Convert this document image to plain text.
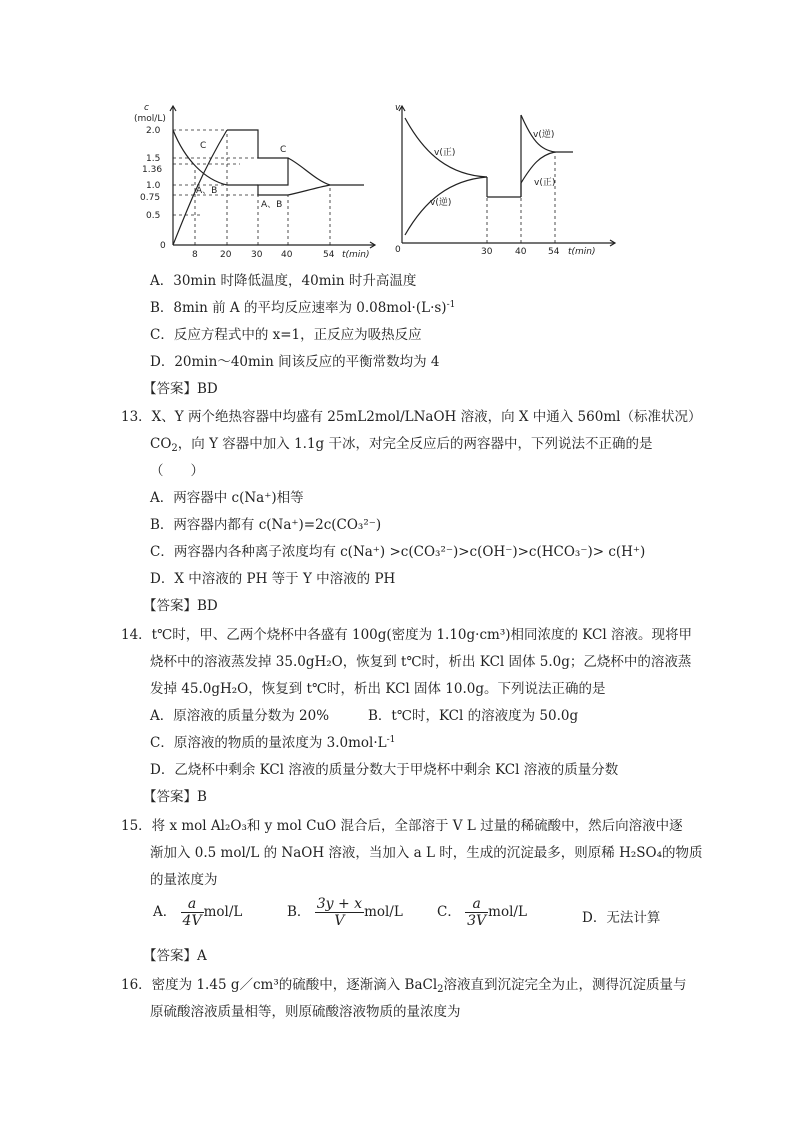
c
(mol/L)
2.0
1.5
1.36
1.0
0.75
0.5
0
8 20 30 40	54 t(min)
C
A、B
C
A、B
v
0	30	40 54 t(min)
v(正)
v(逆)
v(逆)
v(正)
A．30min 时降低温度，40min 时升高温度
B．8min 前 A 的平均反应速率为 $0.08mol\cdot(L\cdot s)^{-1}$
C．反应方程式中的 x=1，正反应为吸热反应
D．20min～40min 间该反应的平衡常数均为 4
【答案】BD
13．X、Y 两个绝热容器中均盛有 25mL2mol/LNaOH 溶液，向 X 中通入 560ml（标准状况）
$CO_2$，向 Y 容器中加入 1.1g 干冰，对完全反应后的两容器中，下列说法不正确的是
（　　）
A．两容器中 c(Na⁺)相等
B．两容器内都有 c(Na⁺)=2c(CO₃²⁻)
C．两容器内各种离子浓度均有 c(Na⁺) >c(CO₃²⁻)>c(OH⁻)>c(HCO₃⁻)> c(H⁺)
D．X 中溶液的 PH 等于 Y 中溶液的 PH
【答案】BD
14．t℃时，甲、乙两个烧杯中各盛有 100g(密度为 1.10g·cm³)相同浓度的 KCl 溶液。现将甲
烧杯中的溶液蒸发掉 35.0gH₂O，恢复到 t℃时，析出 KCl 固体 5.0g；乙烧杯中的溶液蒸
发掉 45.0gH₂O，恢复到 t℃时，析出 KCl 固体 10.0g。下列说法正确的是
A．原溶液的质量分数为 20%	B．t℃时，KCl 的溶液度为 50.0g
C．原溶液的物质的量浓度为 $3.0mol\cdot L^{-1}$
D．乙烧杯中剩余 KCl 溶液的质量分数大于甲烧杯中剩余 KCl 溶液的质量分数
【答案】B
15．将 x mol Al₂O₃和 y mol CuO 混合后，全部溶于 V L 过量的稀硫酸中，然后向溶液中逐
渐加入 0.5 mol/L 的 NaOH 溶液，当加入 a L 时，生成的沉淀最多，则原稀 H₂SO₄的物质
的量浓度为
A． $\frac{a}{4V} mol/L$	B． $\frac{3y + x}{V} mol/L$	C． $\frac{a}{3V} mol/L$	D．无法计算
【答案】A
16．密度为 1.45 g／cm³的硫酸中，逐渐滴入 BaCl$_2$溶液直到沉淀完全为止，测得沉淀质量与
原硫酸溶液质量相等，则原硫酸溶液物质的量浓度为
